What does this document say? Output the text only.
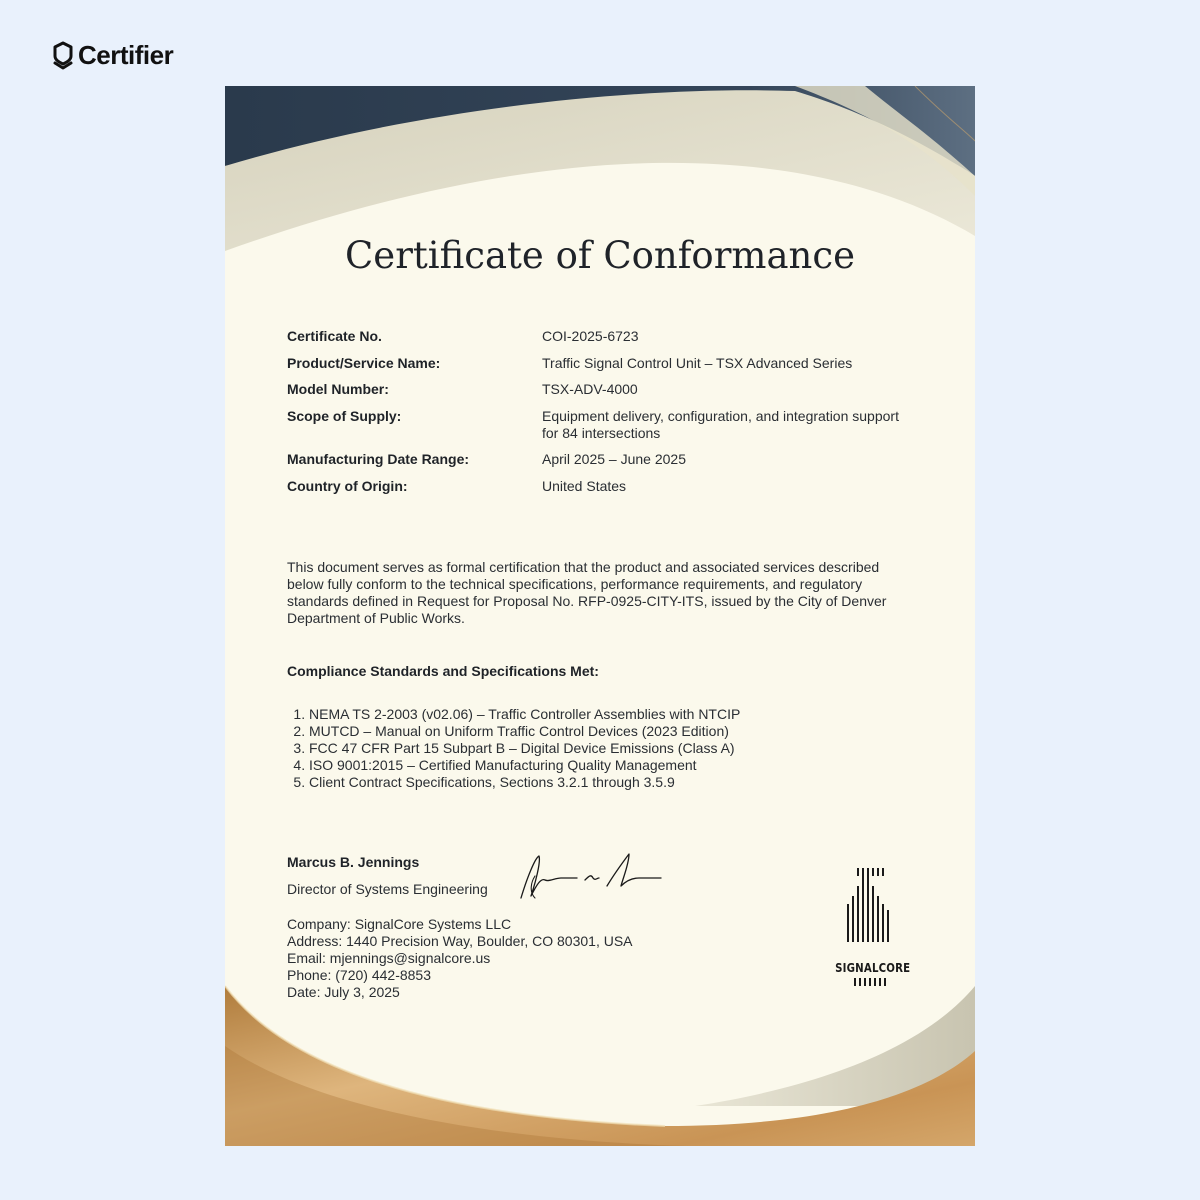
Certifier
Certificate of Conformance
Certificate No.	COI-2025-6723
Product/Service Name:	Traffic Signal Control Unit – TSX Advanced Series
Model Number:	TSX-ADV-4000
Scope of Supply:	Equipment delivery, configuration, and integration support for 84 intersections
Manufacturing Date Range:	April 2025 – June 2025
Country of Origin:	United States

This document serves as formal certification that the product and associated services described below fully conform to the technical specifications, performance requirements, and regulatory standards defined in Request for Proposal No. RFP-0925-CITY-ITS, issued by the City of Denver Department of Public Works.

Compliance Standards and Specifications Met:

1. NEMA TS 2-2003 (v02.06) – Traffic Controller Assemblies with NTCIP
2. MUTCD – Manual on Uniform Traffic Control Devices (2023 Edition)
3. FCC 47 CFR Part 15 Subpart B – Digital Device Emissions (Class A)
4. ISO 9001:2015 – Certified Manufacturing Quality Management
5. Client Contract Specifications, Sections 3.2.1 through 3.5.9
Marcus B. Jennings
Director of Systems Engineering
Company: SignalCore Systems LLC
Address: 1440 Precision Way, Boulder, CO 80301, USA
Email: mjennings@signalcore.us
Phone: (720) 442-8853
Date: July 3, 2025
SIGNALCORE
